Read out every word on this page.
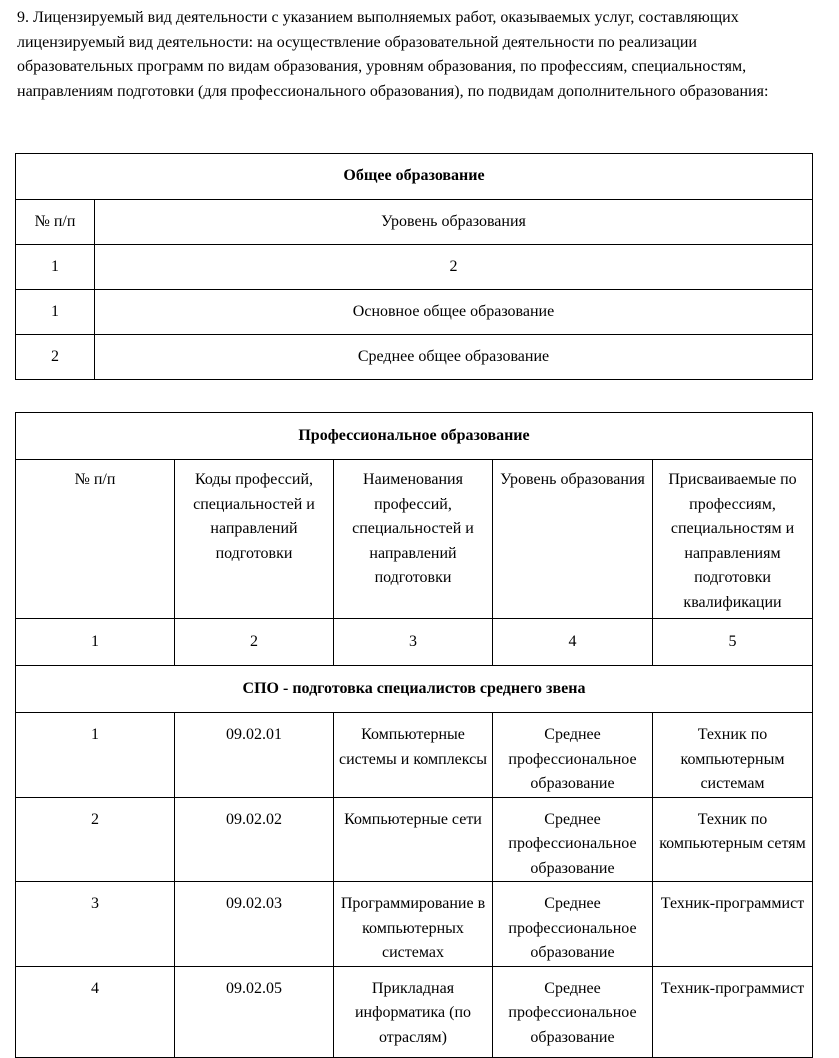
9. Лицензируемый вид деятельности с указанием выполняемых работ, оказываемых услуг, составляющих лицензируемый вид деятельности: на осуществление образовательной деятельности по реализации образовательных программ по видам образования, уровням образования, по профессиям, специальностям, направлениям подготовки (для профессионального образования), по подвидам дополнительного образования:

Общее образование	
№ п/п	Уровень образования
1	2
1	Основное общее образование
2	Среднее общее образование
Профессиональное образование				
№ п/п	Коды профессий, специальностей и направлений подготовки	Наименования профессий, специальностей и направлений подготовки	Уровень образования	Присваиваемые по профессиям, специальностям и направлениям подготовки квалификации
1	2	3	4	5
СПО - подготовка специалистов среднего звена				
1	09.02.01	Компьютерные системы и комплексы	Среднее профессиональное образование	Техник по компьютерным системам
2	09.02.02	Компьютерные сети	Среднее профессиональное образование	Техник по компьютерным сетям
3	09.02.03	Программирование в компьютерных системах	Среднее профессиональное образование	Техник-программист
4	09.02.05	Прикладная информатика (по отраслям)	Среднее профессиональное образование	Техник-программист
